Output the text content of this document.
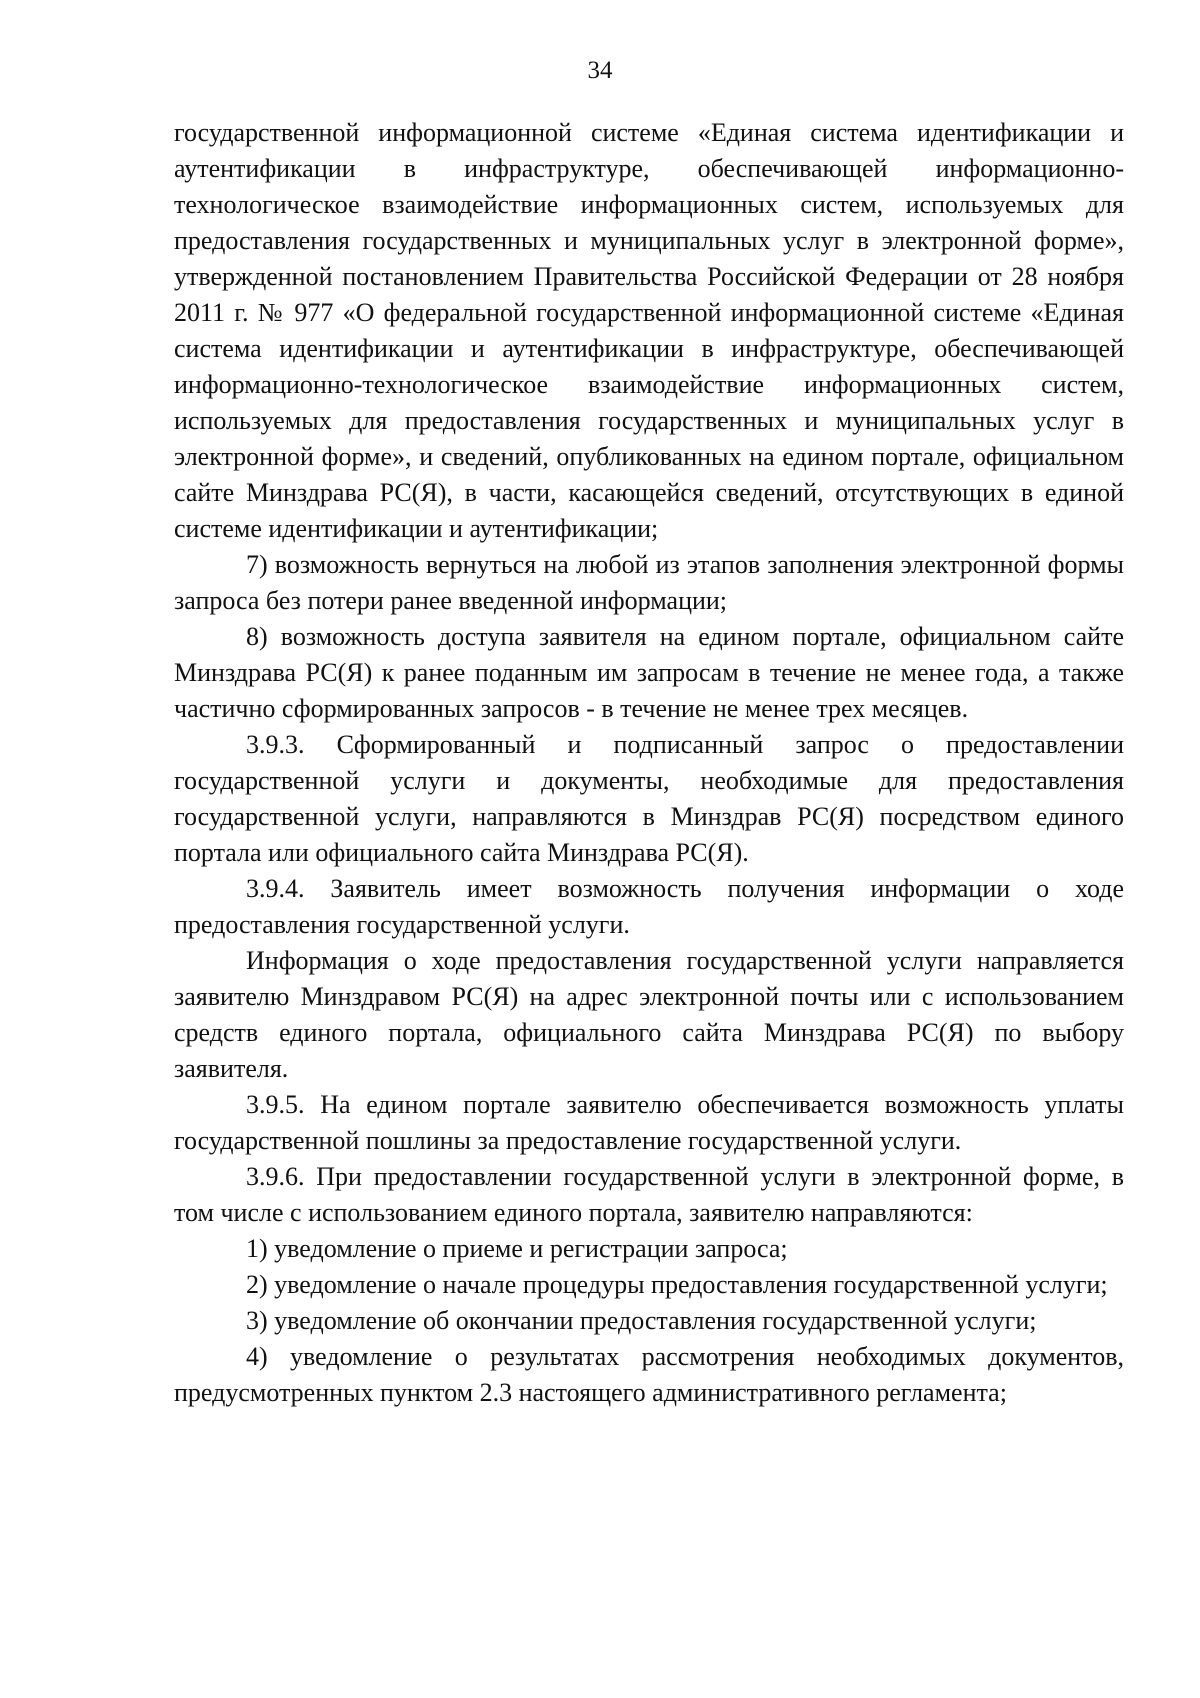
34

государственной информационной системе «Единая система идентификации и аутентификации в инфраструктуре, обеспечивающей информационно-технологическое взаимодействие информационных систем, используемых для предоставления государственных и муниципальных услуг в электронной форме», утвержденной постановлением Правительства Российской Федерации от 28 ноября 2011 г. № 977 «О федеральной государственной информационной системе «Единая система идентификации и аутентификации в инфраструктуре, обеспечивающей информационно-технологическое взаимодействие информационных систем, используемых для предоставления государственных и муниципальных услуг в электронной форме», и сведений, опубликованных на едином портале, официальном сайте Минздрава РС(Я), в части, касающейся сведений, отсутствующих в единой системе идентификации и аутентификации;

7) возможность вернуться на любой из этапов заполнения электронной формы запроса без потери ранее введенной информации;

8) возможность доступа заявителя на едином портале, официальном сайте Минздрава РС(Я) к ранее поданным им запросам в течение не менее года, а также частично сформированных запросов - в течение не менее трех месяцев.

3.9.3. Сформированный и подписанный запрос о предоставлении государственной услуги и документы, необходимые для предоставления государственной услуги, направляются в Минздрав РС(Я) посредством единого портала или официального сайта Минздрава РС(Я).

3.9.4. Заявитель имеет возможность получения информации о ходе предоставления государственной услуги.

Информация о ходе предоставления государственной услуги направляется заявителю Минздравом РС(Я) на адрес электронной почты или с использованием средств единого портала, официального сайта Минздрава РС(Я) по выбору заявителя.

3.9.5. На едином портале заявителю обеспечивается возможность уплаты государственной пошлины за предоставление государственной услуги.

3.9.6. При предоставлении государственной услуги в электронной форме, в том числе с использованием единого портала, заявителю направляются:

1) уведомление о приеме и регистрации запроса;

2) уведомление о начале процедуры предоставления государственной услуги;

3) уведомление об окончании предоставления государственной услуги;

4) уведомление о результатах рассмотрения необходимых документов, предусмотренных пунктом 2.3 настоящего административного регламента;
